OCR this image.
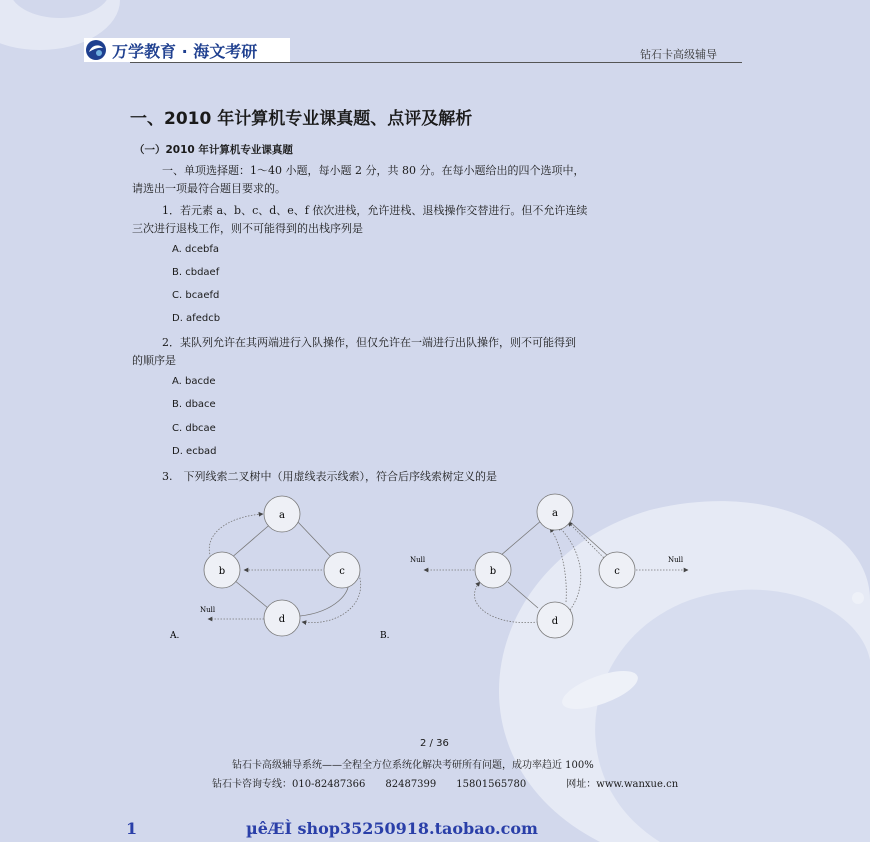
万学教育 · 海文考研	钻石卡高级辅导
一、2010 年计算机专业课真题、点评及解析
（一）2010 年计算机专业课真题
一、单项选择题：1～40 小题，每小题 2 分，共 80 分。在每小题给出的四个选项中，
请选出一项最符合题目要求的。
1．若元素 a、b、c、d、e、f 依次进栈，允许进栈、退栈操作交替进行。但不允许连续
三次进行退栈工作，则不可能得到的出栈序列是
A. dcebfa
B. cbdaef
C. bcaefd
D. afedcb
2．某队列允许在其两端进行入队操作，但仅允许在一端进行出队操作，则不可能得到
的顺序是
A. bacde
B. dbace
C. dbcae
D. ecbad
3.　下列线索二叉树中（用虚线表示线索），符合后序线索树定义的是
a
b	c
d
Null
A.
a
b	c
d
Null	Null
B.
2 / 36
钻石卡高级辅导系统——全程全方位系统化解决考研所有问题，成功率趋近 100%
钻石卡咨询专线：010-82487366 82487399 15801565780	网址：www.wanxue.cn
1	µêÆÌ shop35250918.taobao.com
